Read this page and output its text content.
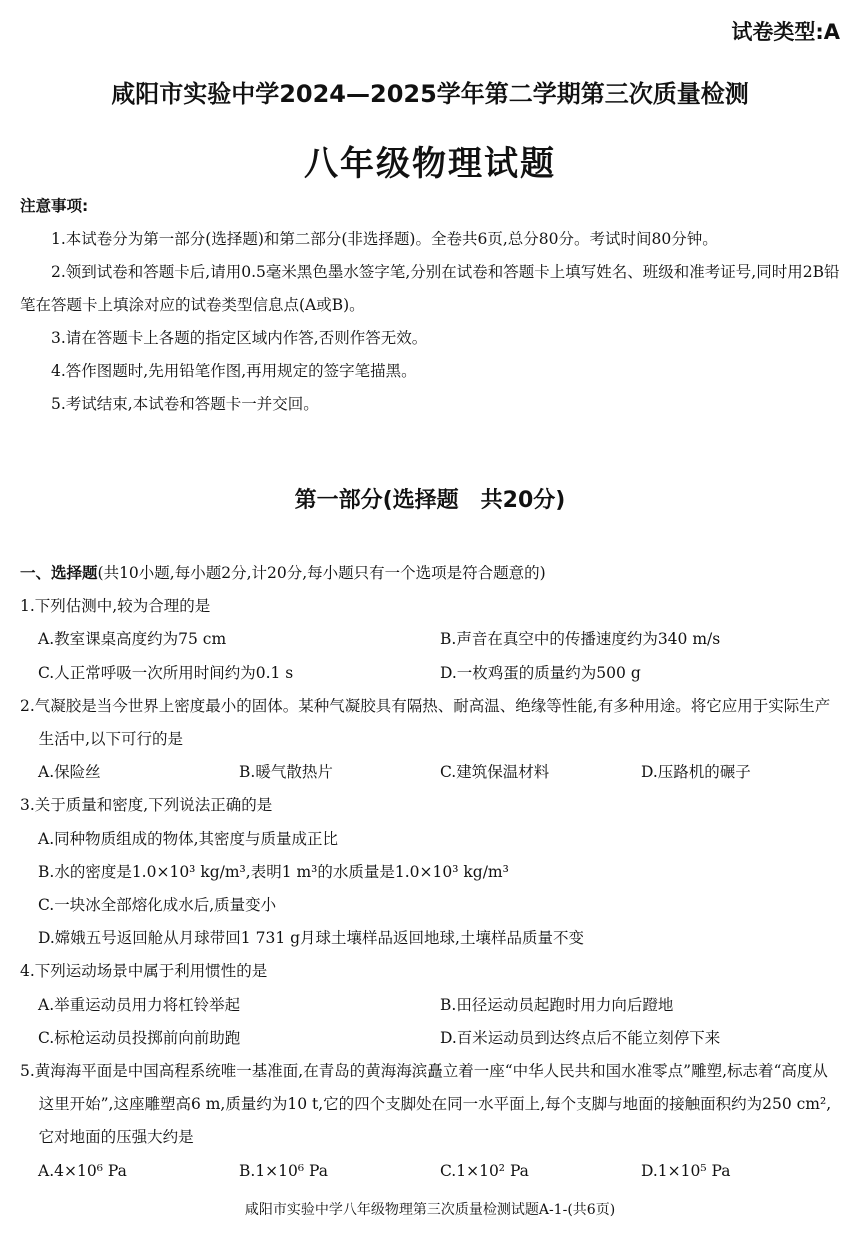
试卷类型:A
咸阳市实验中学2024—2025学年第二学期第三次质量检测
八年级物理试题
注意事项:

1.本试卷分为第一部分(选择题)和第二部分(非选择题)。全卷共6页,总分80分。考试时间80分钟。

2.领到试卷和答题卡后,请用0.5毫米黑色墨水签字笔,分别在试卷和答题卡上填写姓名、班级和准考证号,同时用2B铅笔在答题卡上填涂对应的试卷类型信息点(A或B)。

3.请在答题卡上各题的指定区域内作答,否则作答无效。

4.答作图题时,先用铅笔作图,再用规定的签字笔描黑。

5.考试结束,本试卷和答题卡一并交回。

第一部分(选择题　共20分)
一、选择题(共10小题,每小题2分,计20分,每小题只有一个选项是符合题意的)
1.下列估测中,较为合理的是
A.教室课桌高度约为75 cm	B.声音在真空中的传播速度约为340 m/s
C.人正常呼吸一次所用时间约为0.1 s	D.一枚鸡蛋的质量约为500 g
2.气凝胶是当今世界上密度最小的固体。某种气凝胶具有隔热、耐高温、绝缘等性能,有多种用途。将它应用于实际生产生活中,以下可行的是
A.保险丝	B.暖气散热片	C.建筑保温材料	D.压路机的碾子
3.关于质量和密度,下列说法正确的是
A.同种物质组成的物体,其密度与质量成正比
B.水的密度是1.0×10³ kg/m³,表明1 m³的水质量是1.0×10³ kg/m³
C.一块冰全部熔化成水后,质量变小
D.嫦娥五号返回舱从月球带回1 731 g月球土壤样品返回地球,土壤样品质量不变
4.下列运动场景中属于利用惯性的是
A.举重运动员用力将杠铃举起	B.田径运动员起跑时用力向后蹬地
C.标枪运动员投掷前向前助跑	D.百米运动员到达终点后不能立刻停下来
5.黄海海平面是中国高程系统唯一基准面,在青岛的黄海海滨矗立着一座“中华人民共和国水准零点”雕塑,标志着“高度从这里开始”,这座雕塑高6 m,质量约为10 t,它的四个支脚处在同一水平面上,每个支脚与地面的接触面积约为250 cm²,它对地面的压强大约是
A.4×10⁶ Pa	B.1×10⁶ Pa	C.1×10² Pa	D.1×10⁵ Pa
咸阳市实验中学八年级物理第三次质量检测试题A-1-(共6页)
